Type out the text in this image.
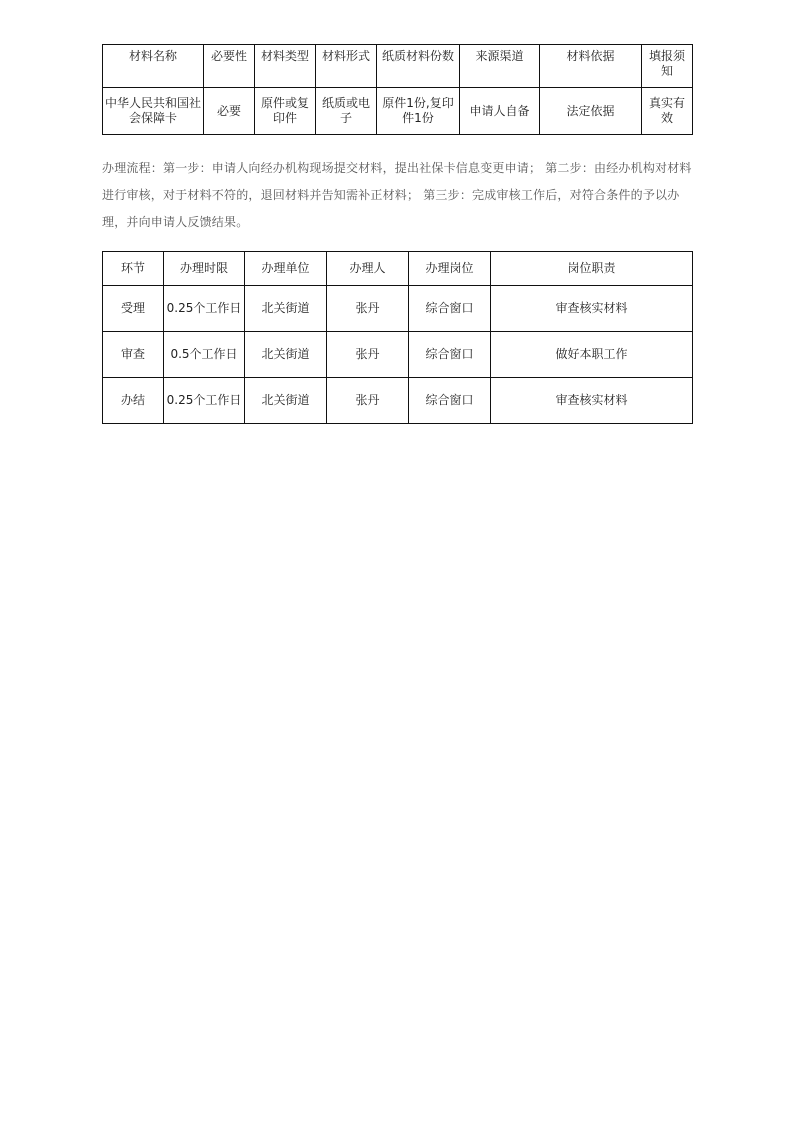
材料名称	必要性	材料类型	材料形式	纸质材料份数	来源渠道	材料依据	填报须知

中华人民共和国社会保障卡	必要	原件或复印件	纸质或电子	原件1份,复印件1份	申请人自备	法定依据	真实有效
办理流程：第一步：申请人向经办机构现场提交材料，提出社保卡信息变更申请； 第二步：由经办机构对材料进行审核，对于材料不符的，退回材料并告知需补正材料； 第三步：完成审核工作后，对符合条件的予以办理，并向申请人反馈结果。
环节	办理时限	办理单位	办理人	办理岗位	岗位职责
受理	0.25个工作日	北关街道	张丹	综合窗口	审查核实材料
审查	0.5个工作日	北关街道	张丹	综合窗口	做好本职工作
办结	0.25个工作日	北关街道	张丹	综合窗口	审查核实材料
